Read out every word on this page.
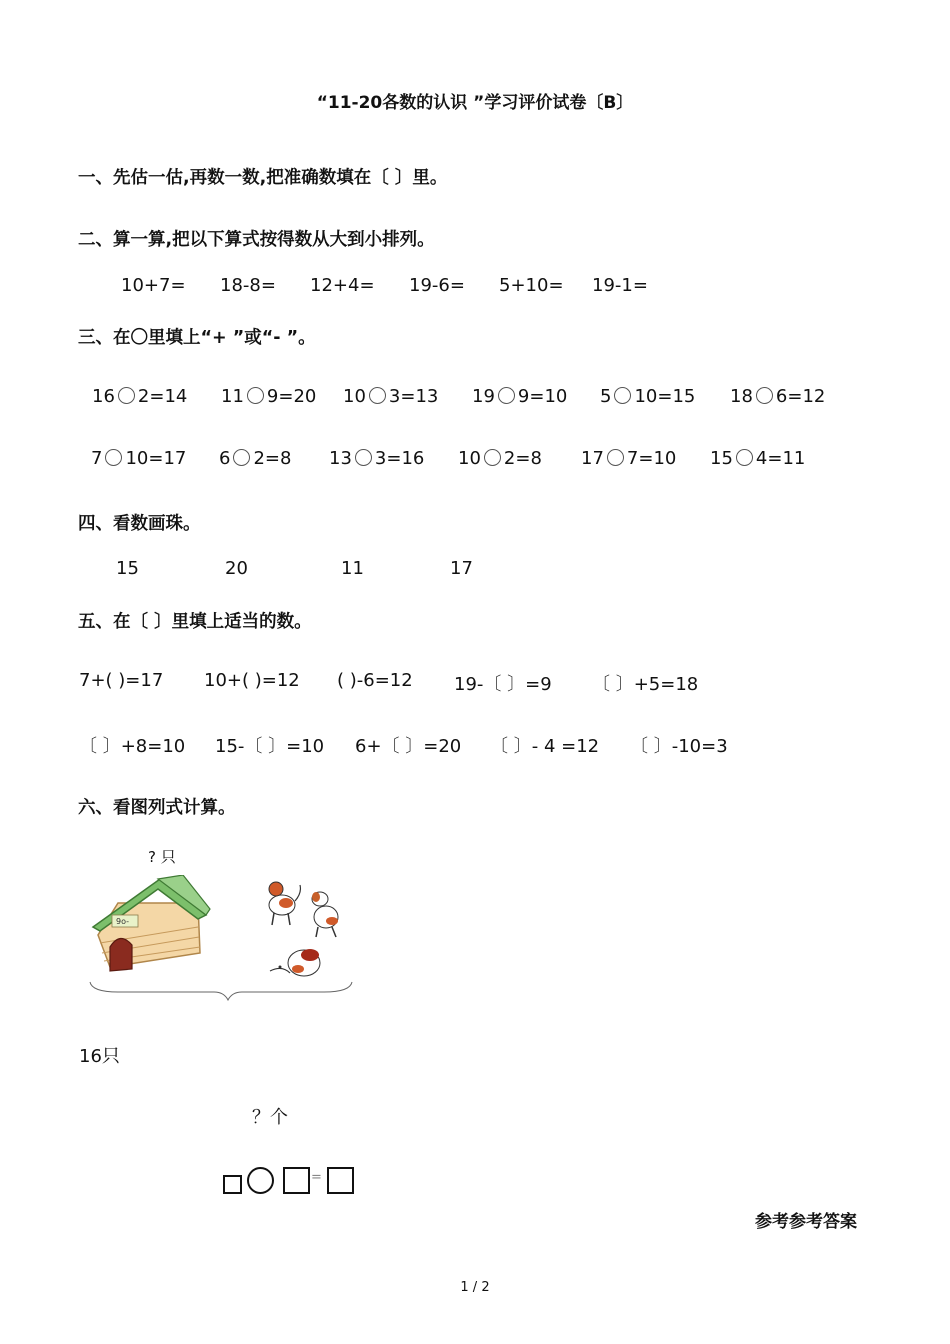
“11-20各数的认识 ”学习评价试卷〔B〕
一、先估一估,再数一数,把准确数填在〔 〕里。
二、算一算,把以下算式按得数从大到小排列。
10+7= 18-8= 12+4= 19-6= 5+10= 19-1=
三、在〇里填上“+ ”或“- ”。
16 2=14 11 9=20 10 3=13 19 9=10 5 10=15 18 6=12
7 10=17 6 2=8 13 3=16 10 2=8 17 7=10 15 4=11
四、看数画珠。
15	20	11	17
五、在〔 〕里填上适当的数。
7+( )=17 10+( )=12 ( )-6=12 19-〔 〕=9 〔 〕+5=18
〔 〕+8=10 15-〔 〕=10 6+〔 〕=20 〔 〕- 4 =12 〔 〕-10=3
六、看图列式计算。
? 只
9o-
16只
？个
=
参考参考答案
1 / 2
